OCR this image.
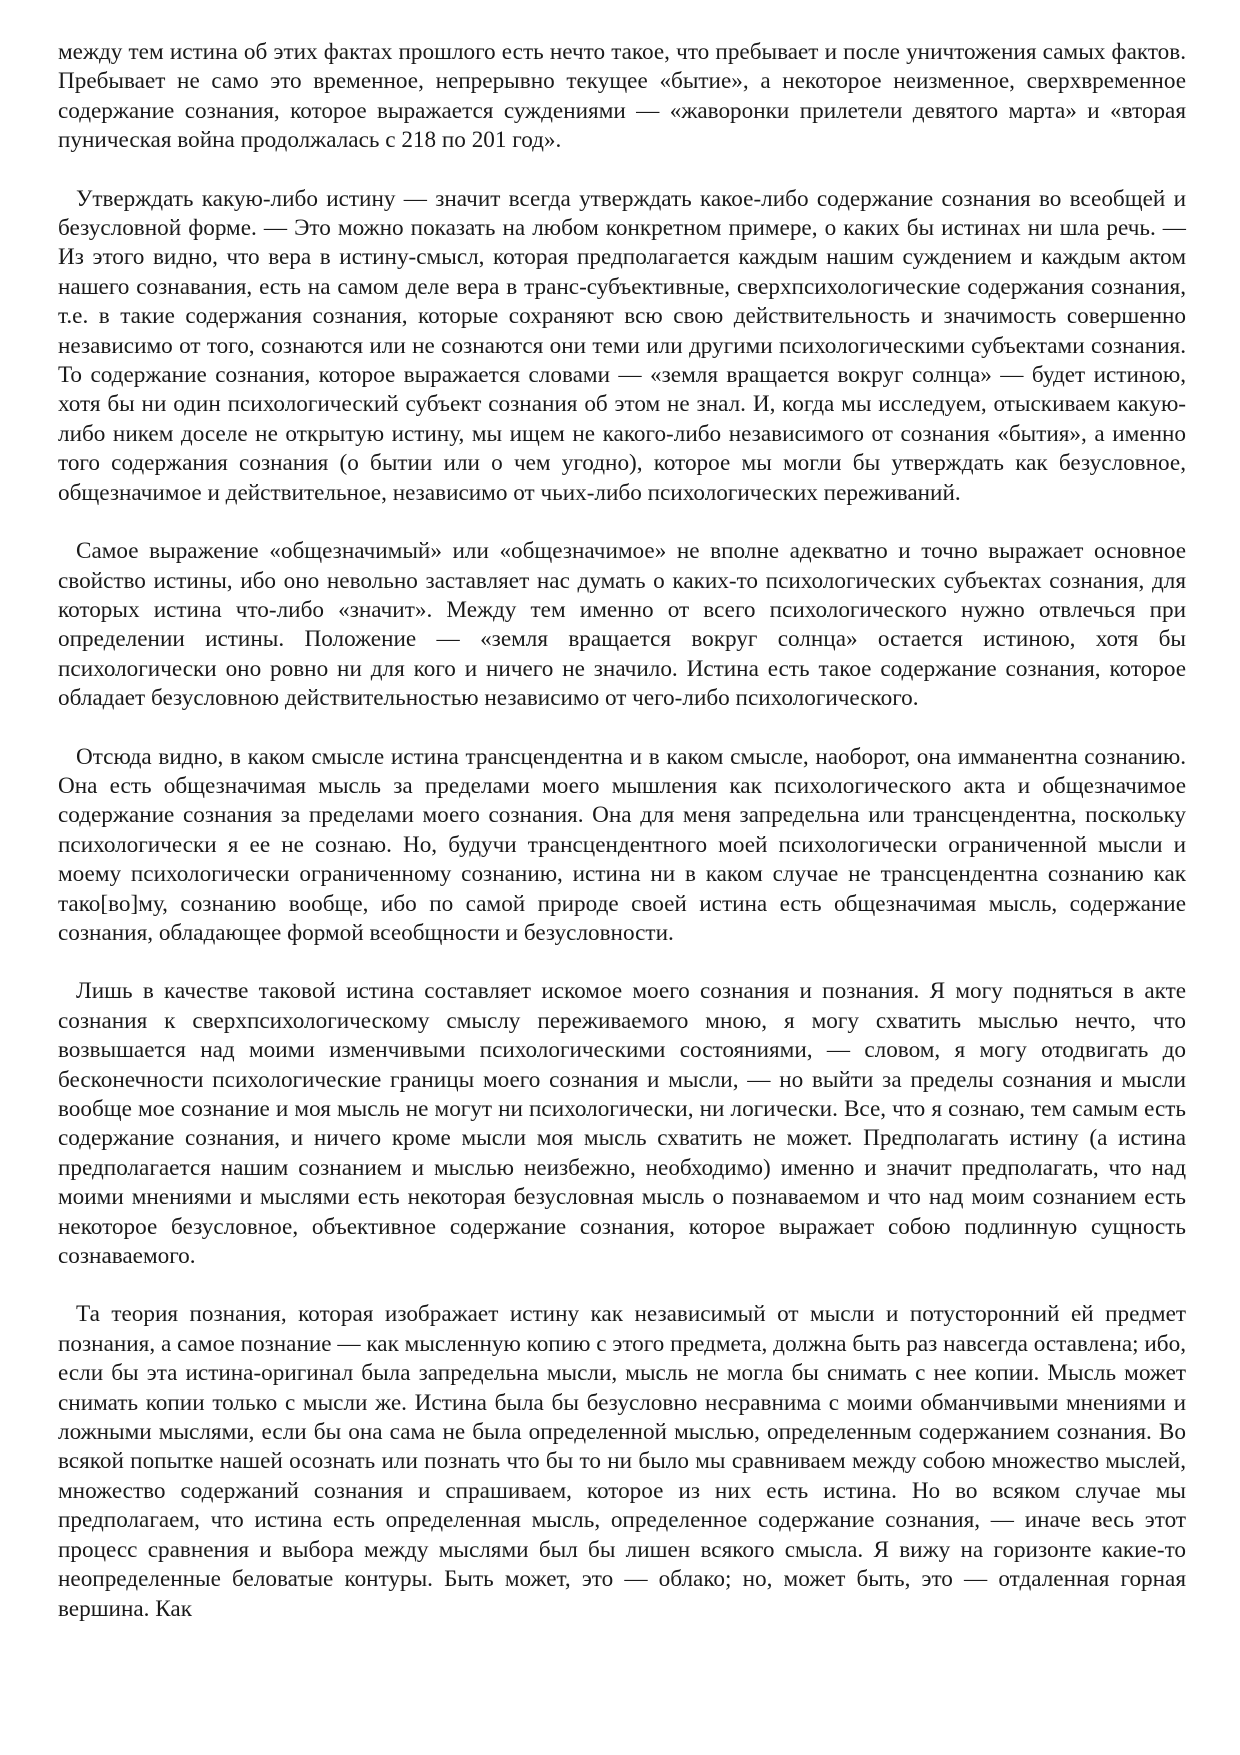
между тем истина об этих фактах прошлого есть нечто такое, что пребывает и после уничтожения самых фактов. Пребывает не само это временное, непрерывно текущее «бытие», а некоторое неизменное, сверхвременное содержание сознания, которое выражается суждениями — «жаворонки прилетели девятого марта» и «вторая пуническая война продолжалась с 218 по 201 год».

Утверждать какую-либо истину — значит всегда утверждать какое-либо содержание сознания во всеобщей и безусловной форме. — Это можно показать на любом конкретном примере, о каких бы истинах ни шла речь. — Из этого видно, что вера в истину-смысл, которая предполагается каждым нашим суждением и каждым актом нашего сознавания, есть на самом деле вера в транс-субъективные, сверхпсихологические содержания сознания, т.е. в такие содержания сознания, которые сохраняют всю свою действительность и значимость совершенно независимо от того, сознаются или не сознаются они теми или другими психологическими субъектами сознания. То содержание сознания, которое выражается словами — «земля вращается вокруг солнца» — будет истиною, хотя бы ни один психологический субъект сознания об этом не знал. И, когда мы исследуем, отыскиваем какую-либо никем доселе не открытую истину, мы ищем не какого-либо независимого от сознания «бытия», а именно того содержания сознания (о бытии или о чем угодно), которое мы могли бы утверждать как безусловное, общезначимое и действительное, независимо от чьих-либо психологических переживаний.

Самое выражение «общезначимый» или «общезначимое» не вполне адекватно и точно выражает основное свойство истины, ибо оно невольно заставляет нас думать о каких-то психологических субъектах сознания, для которых истина что-либо «значит». Между тем именно от всего психологического нужно отвлечься при определении истины. Положение — «земля вращается вокруг солнца» остается истиною, хотя бы психологически оно ровно ни для кого и ничего не значило. Истина есть такое содержание сознания, которое обладает безусловною действительностью независимо от чего-либо психологического.

Отсюда видно, в каком смысле истина трансцендентна и в каком смысле, наоборот, она имманентна сознанию. Она есть общезначимая мысль за пределами моего мышления как психологического акта и общезначимое содержание сознания за пределами моего сознания. Она для меня запредельна или трансцендентна, поскольку психологически я ее не сознаю. Но, будучи трансцендентного моей психологически ограниченной мысли и моему психологически ограниченному сознанию, истина ни в каком случае не трансцендентна сознанию как тако[во]му, сознанию вообще, ибо по самой природе своей истина есть общезначимая мысль, содержание сознания, обладающее формой всеобщности и безусловности.

Лишь в качестве таковой истина составляет искомое моего сознания и познания. Я могу подняться в акте сознания к сверхпсихологическому смыслу переживаемого мною, я могу схватить мыслью нечто, что возвышается над моими изменчивыми психологическими состояниями, — словом, я могу отодвигать до бесконечности психологические границы моего сознания и мысли, — но выйти за пределы сознания и мысли вообще мое сознание и моя мысль не могут ни психологически, ни логически. Все, что я сознаю, тем самым есть содержание сознания, и ничего кроме мысли моя мысль схватить не может. Предполагать истину (а истина предполагается нашим сознанием и мыслью неизбежно, необходимо) именно и значит предполагать, что над моими мнениями и мыслями есть некоторая безусловная мысль о познаваемом и что над моим сознанием есть некоторое безусловное, объективное содержание сознания, которое выражает собою подлинную сущность сознаваемого.

Та теория познания, которая изображает истину как независимый от мысли и потусторонний ей предмет познания, а самое познание — как мысленную копию с этого предмета, должна быть раз навсегда оставлена; ибо, если бы эта истина-оригинал была запредельна мысли, мысль не могла бы снимать с нее копии. Мысль может снимать копии только с мысли же. Истина была бы безусловно несравнима с моими обманчивыми мнениями и ложными мыслями, если бы она сама не была определенной мыслью, определенным содержанием сознания. Во всякой попытке нашей осознать или познать что бы то ни было мы сравниваем между собою множество мыслей, множество содержаний сознания и спрашиваем, которое из них есть истина. Но во всяком случае мы предполагаем, что истина есть определенная мысль, определенное содержание сознания, — иначе весь этот процесс сравнения и выбора между мыслями был бы лишен всякого смысла. Я вижу на горизонте какие-то неопределенные беловатые контуры. Быть может, это — облако; но, может быть, это — отдаленная горная вершина. Как
